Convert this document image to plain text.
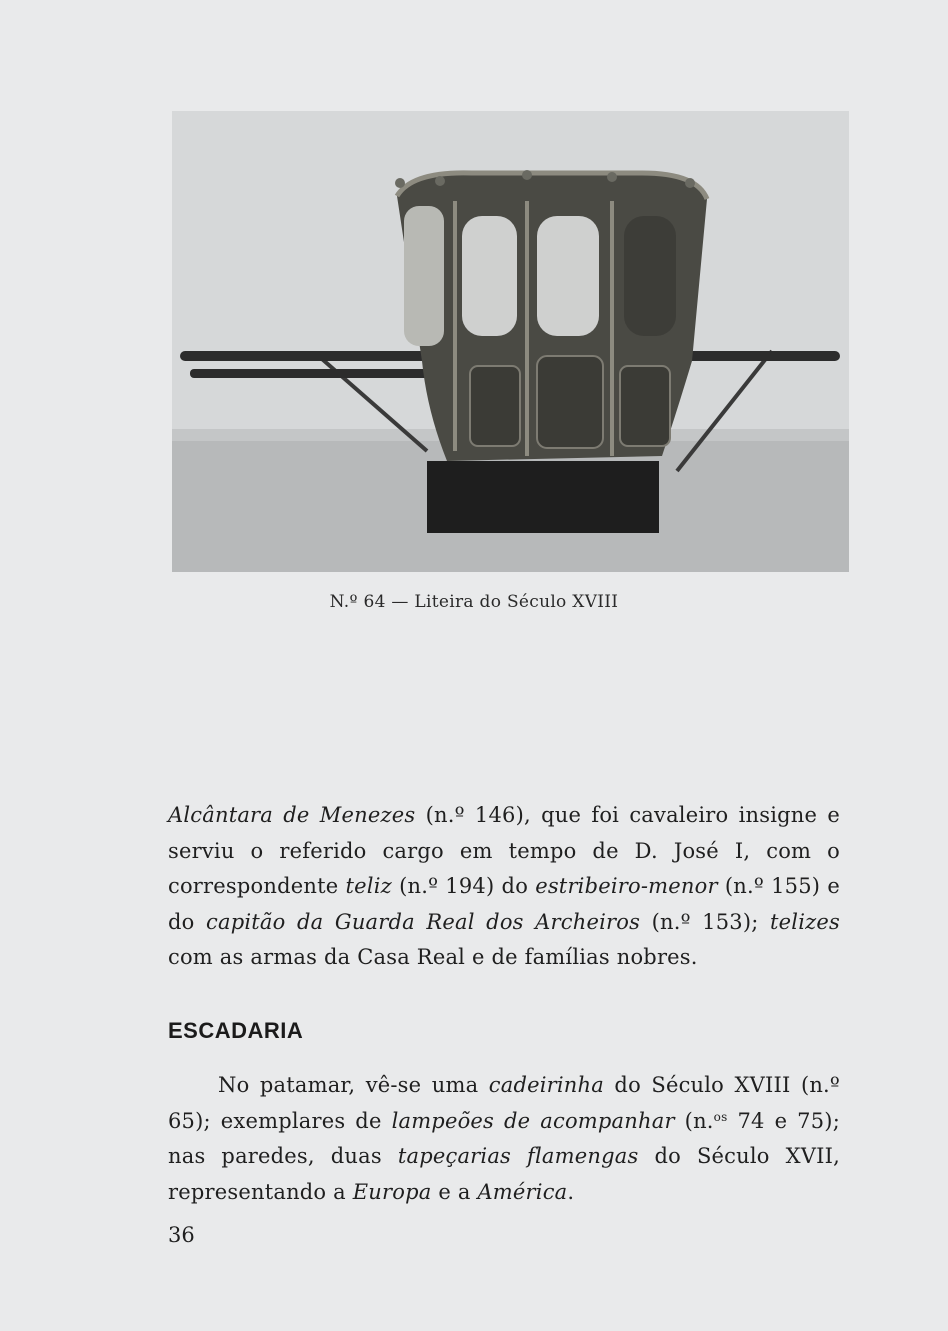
N.º 64 — Liteira do Século XVIII

Alcântara de Menezes (n.º 146), que foi cavaleiro insigne e serviu o referido cargo em tempo de D. José I, com o correspondente teliz (n.º 194) do estribeiro-menor (n.º 155) e do capitão da Guarda Real dos Archeiros (n.º 153); telizes com as armas da Casa Real e de famílias nobres.

ESCADARIA

No patamar, vê-se uma cadeirinha do Século XVIII (n.º 65); exemplares de lampeões de acompanhar (n.$^{os}$ 74 e 75); nas paredes, duas tapeçarias flamengas do Século XVII, representando a Europa e a América.

36
